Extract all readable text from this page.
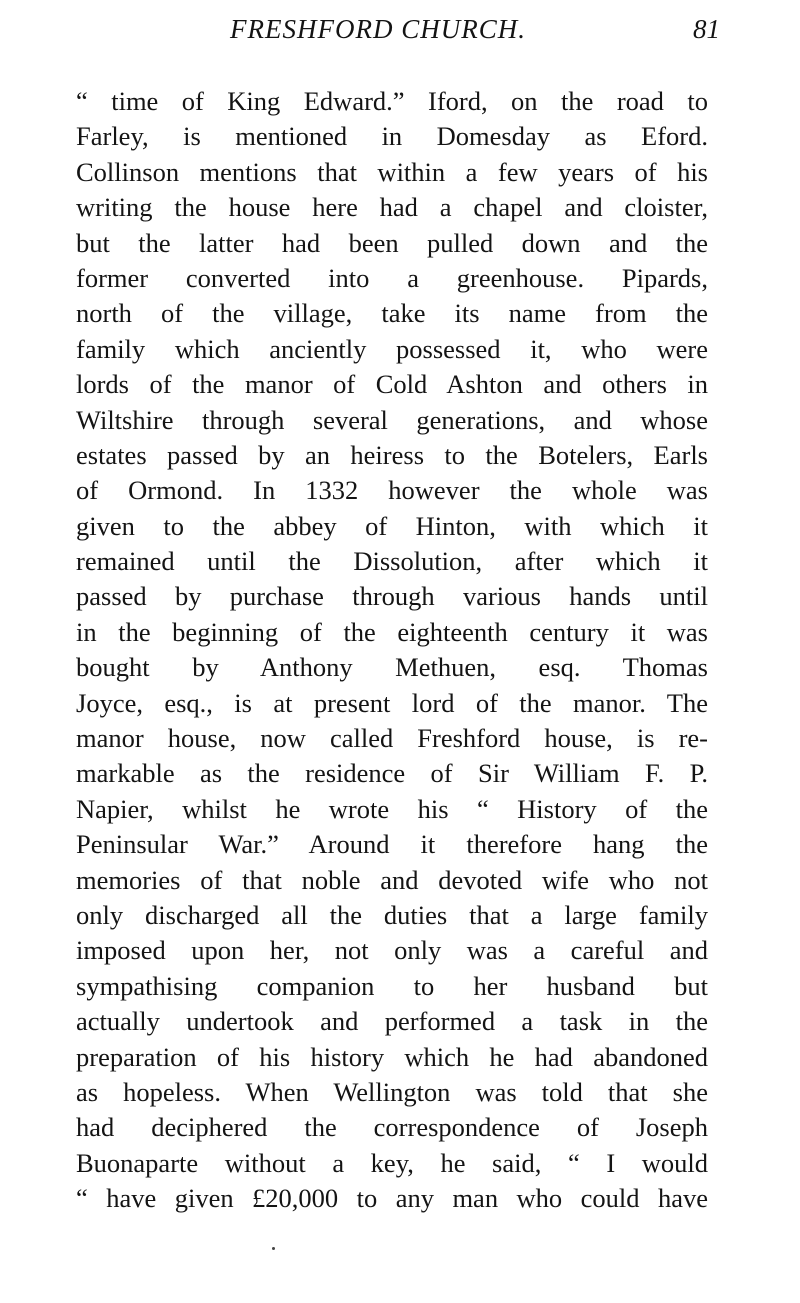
FRESHFORD CHURCH.	81
“ time of King Edward.” Iford, on the road to
Farley, is mentioned in Domesday as Eford.
Collinson mentions that within a few years of his
writing the house here had a chapel and cloister,
but the latter had been pulled down and the
former converted into a greenhouse. Pipards,
north of the village, take its name from the
family which anciently possessed it, who were
lords of the manor of Cold Ashton and others in
Wiltshire through several generations, and whose
estates passed by an heiress to the Botelers, Earls
of Ormond. In 1332 however the whole was
given to the abbey of Hinton, with which it
remained until the Dissolution, after which it
passed by purchase through various hands until
in the beginning of the eighteenth century it was
bought by Anthony Methuen, esq. Thomas
Joyce, esq., is at present lord of the manor. The
manor house, now called Freshford house, is re-
markable as the residence of Sir William F. P.
Napier, whilst he wrote his “ History of the
Peninsular War.” Around it therefore hang the
memories of that noble and devoted wife who not
only discharged all the duties that a large family
imposed upon her, not only was a careful and
sympathising companion to her husband but
actually undertook and performed a task in the
preparation of his history which he had abandoned
as hopeless. When Wellington was told that she
had deciphered the correspondence of Joseph
Buonaparte without a key, he said, “ I would
“ have given £20,000 to any man who could have
